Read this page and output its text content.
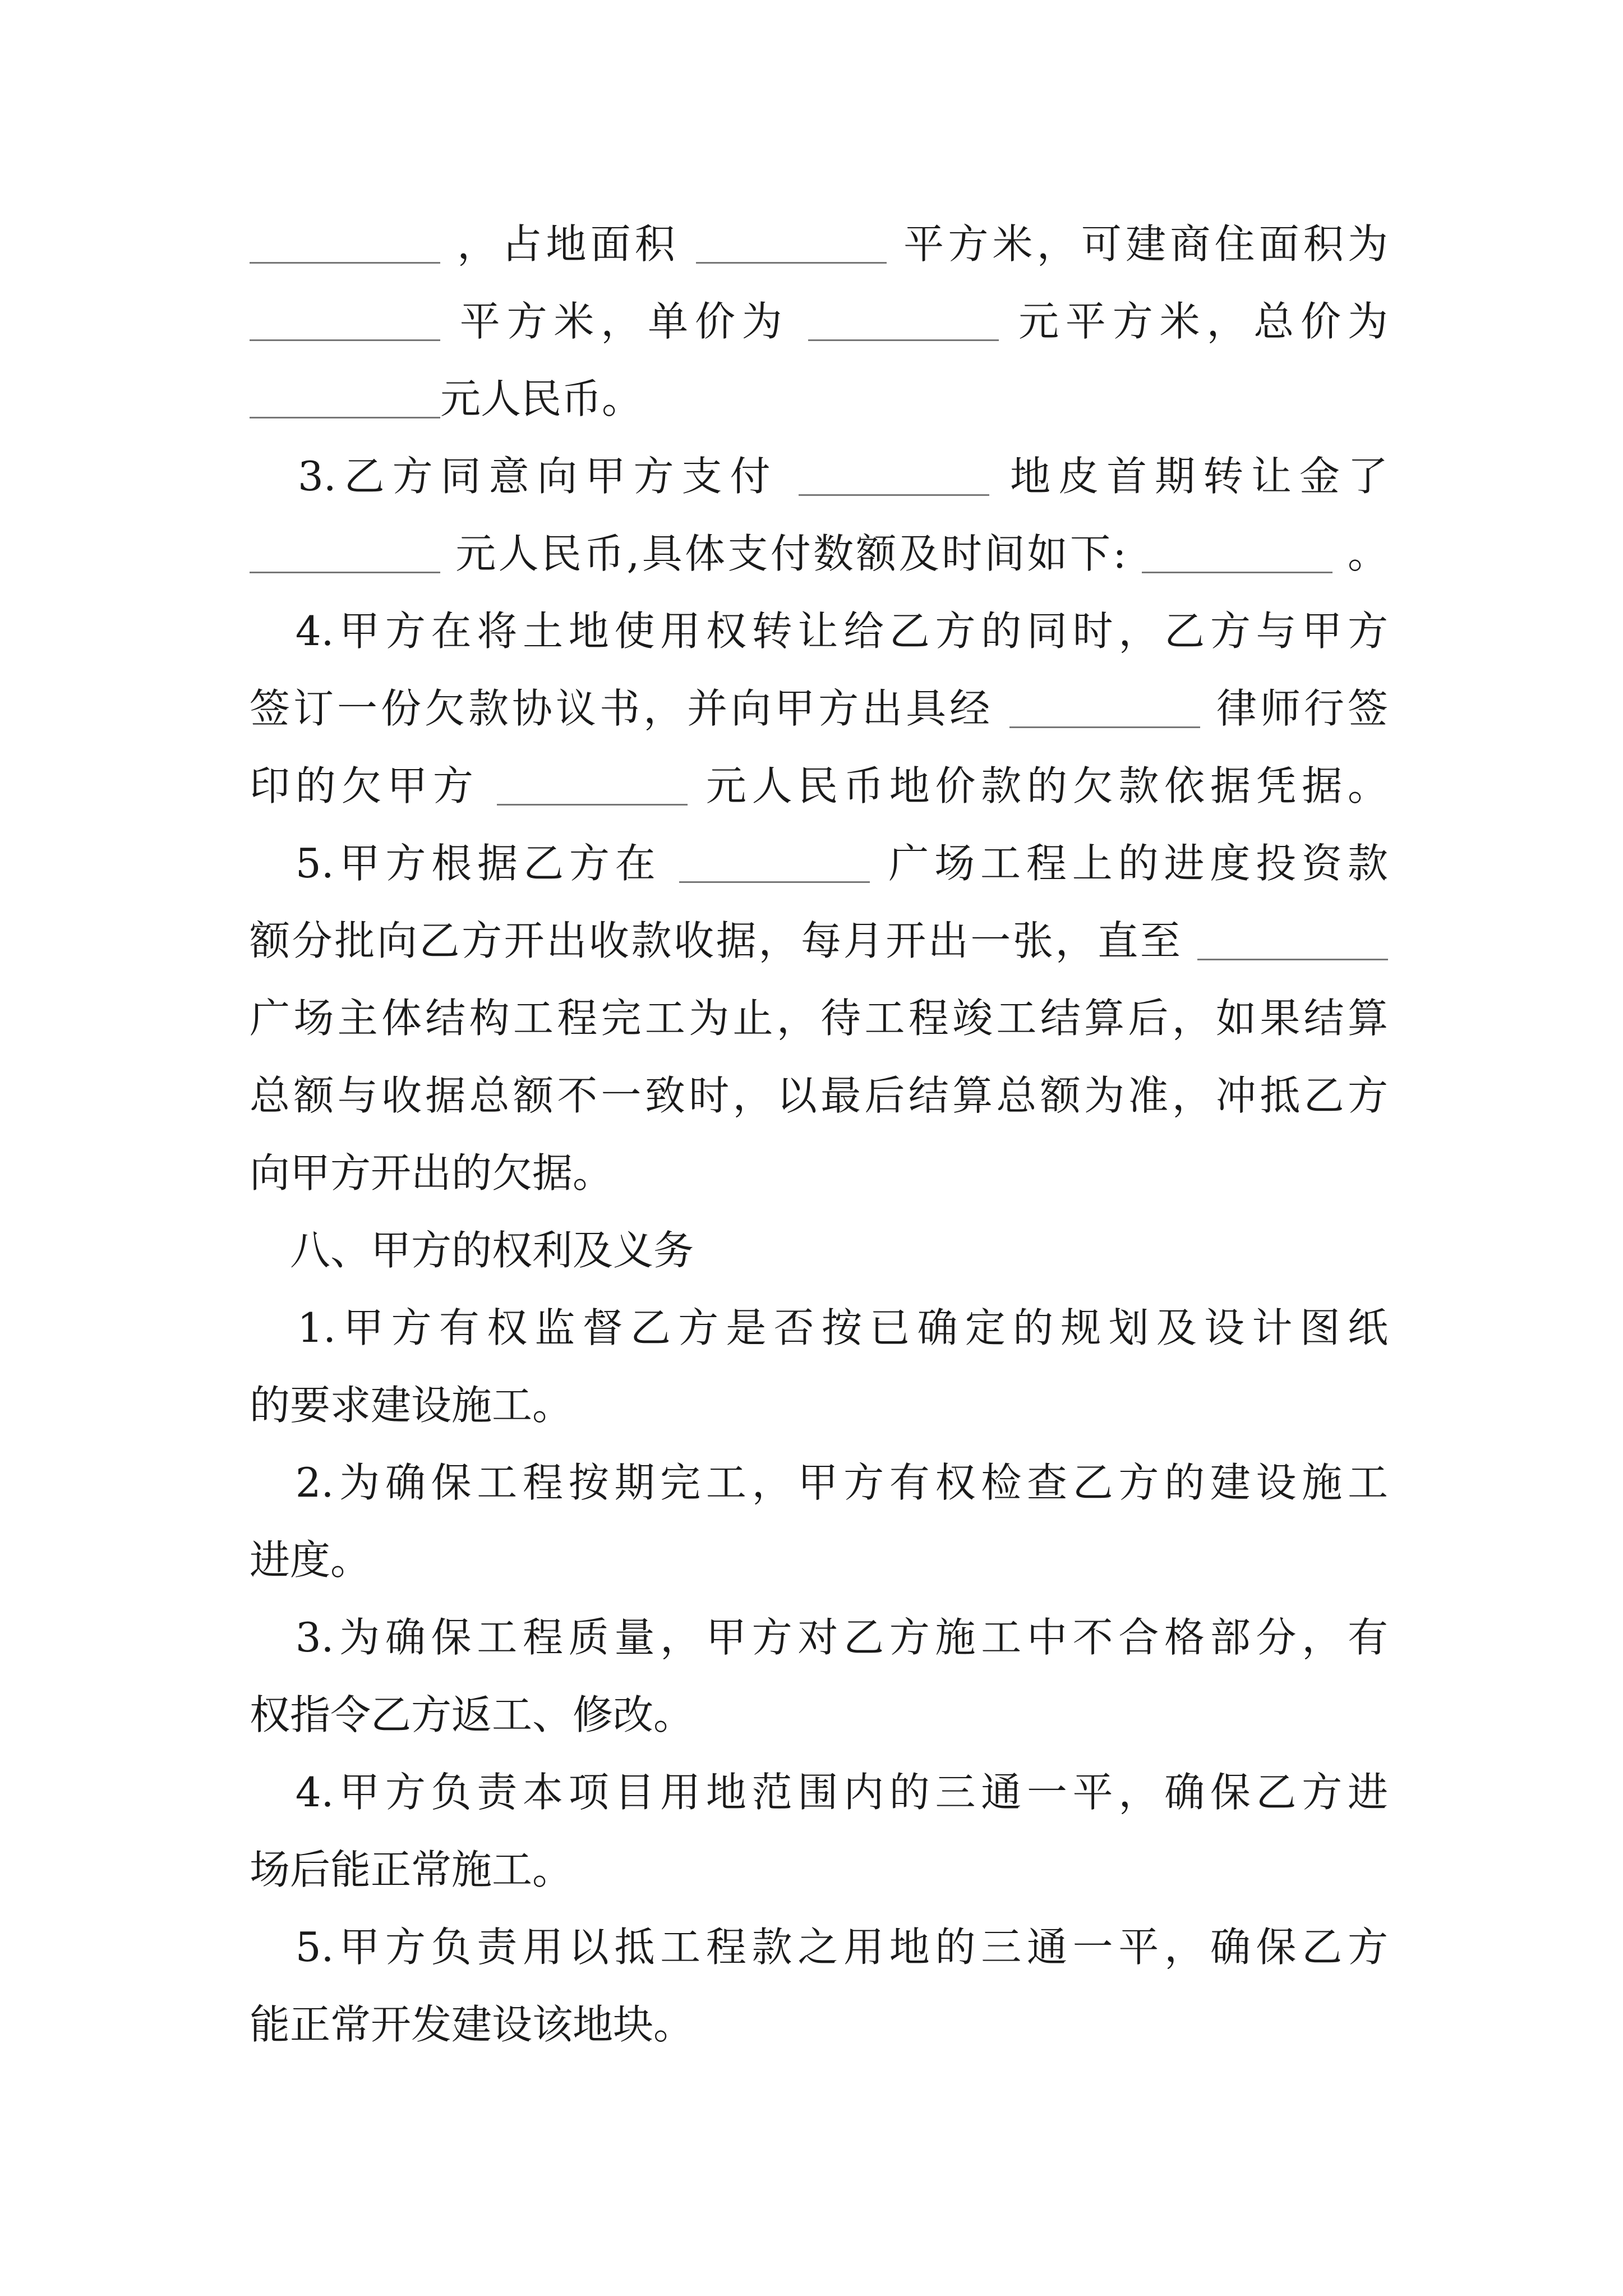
，占地面积	平方米，可建商住面积为
平方米，单价为	元平方米，总价为
元人民币。
　3.乙方同意向甲方支付	地皮首期转让金了
元人民币,具体支付数额及时间如下:	。
　4.甲方在将土地使用权转让给乙方的同时，乙方与甲方
签订一份欠款协议书，并向甲方出具经	律师行签
印的欠甲方	元人民币地价款的欠款依据凭据。
　5.甲方根据乙方在	广场工程上的进度投资款
额分批向乙方开出收款收据，每月开出一张，直至
广场主体结构工程完工为止，待工程竣工结算后，如果结算
总额与收据总额不一致时，以最后结算总额为准，冲抵乙方
向甲方开出的欠据。
　八、甲方的权利及义务
　1.甲方有权监督乙方是否按已确定的规划及设计图纸
的要求建设施工。
　2.为确保工程按期完工，甲方有权检查乙方的建设施工
进度。
　3.为确保工程质量，甲方对乙方施工中不合格部分，有
权指令乙方返工、修改。
　4.甲方负责本项目用地范围内的三通一平，确保乙方进
场后能正常施工。
　5.甲方负责用以抵工程款之用地的三通一平，确保乙方
能正常开发建设该地块。
